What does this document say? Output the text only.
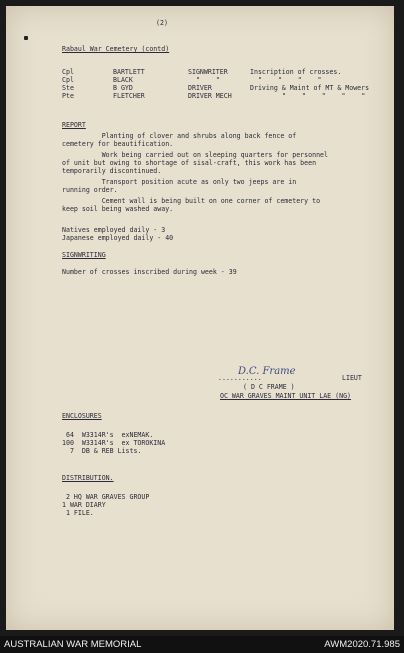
(2)
Rabaul War Cemetery (contd)
Cpl	BARTLETT	SIGNWRITER	Inscription of crosses.
Cpl	BLACK	"    "	"    "    "    "
Ste	B GYD	DRIVER	Driving & Maint of MT & Mowers
Pte	FLETCHER	DRIVER MECH	"    "    "    "    "
REPORT
Planting of clover and shrubs along back fence of
cemetery for beautification.
Work being carried out on sleeping quarters for personnel
of unit but owing to shortage of sisal-craft, this work has been
temporarily discontinued.
Transport position acute as only two jeeps are in
running order.
Cement wall is being built on one corner of cemetery to
keep soil being washed away.
Natives employed daily - 3
Japanese employed daily - 40
SIGNWRITING
Number of crosses inscribed during week - 39
D.C. Frame
...........	LIEUT
( D C FRAME )
OC WAR GRAVES MAINT UNIT LAE (NG)
ENCLOSURES
64  W3314R's  exNEMAK.
100  W3314R's  ex TOROKINA
7  DB & REB Lists.
DISTRIBUTION.
2 HQ WAR GRAVES GROUP
1 WAR DIARY
1 FILE.
AUSTRALIAN WAR MEMORIAL	AWM2020.71.985
